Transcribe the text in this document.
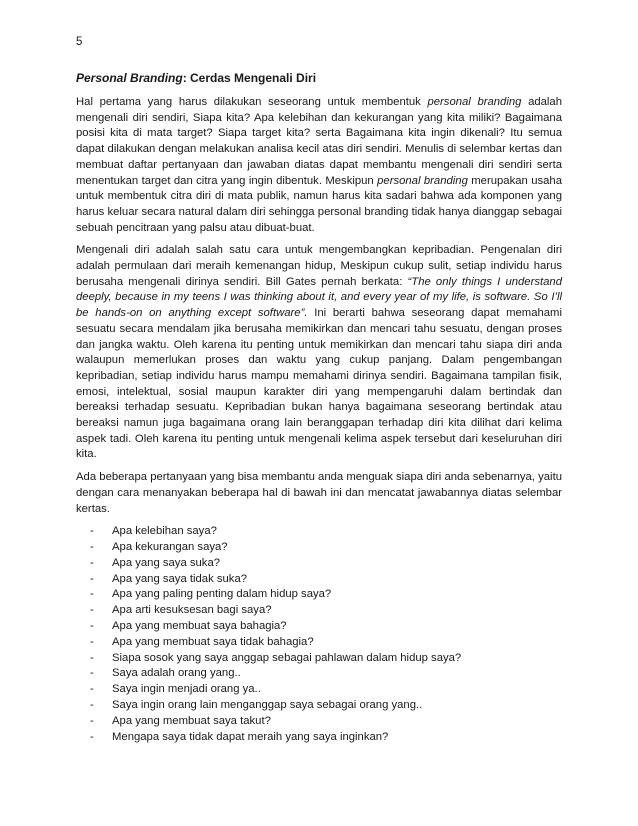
5
Personal Branding: Cerdas Mengenali Diri

Hal pertama yang harus dilakukan seseorang untuk membentuk personal branding adalah mengenali diri sendiri, Siapa kita? Apa kelebihan dan kekurangan yang kita miliki? Bagaimana posisi kita di mata target? Siapa target kita? serta Bagaimana kita ingin dikenali? Itu semua dapat dilakukan dengan melakukan analisa kecil atas diri sendiri. Menulis di selembar kertas dan membuat daftar pertanyaan dan jawaban diatas dapat membantu mengenali diri sendiri serta menentukan target dan citra yang ingin dibentuk. Meskipun personal branding merupakan usaha untuk membentuk citra diri di mata publik, namun harus kita sadari bahwa ada komponen yang harus keluar secara natural dalam diri sehingga personal branding tidak hanya dianggap sebagai sebuah pencitraan yang palsu atau dibuat-buat.

Mengenali diri adalah salah satu cara untuk mengembangkan kepribadian. Pengenalan diri adalah permulaan dari meraih kemenangan hidup, Meskipun cukup sulit, setiap individu harus berusaha mengenali dirinya sendiri. Bill Gates pernah berkata: “The only things I understand deeply, because in my teens I was thinking about it, and every year of my life, is software. So I’ll be hands-on on anything except software”. Ini berarti bahwa seseorang dapat memahami sesuatu secara mendalam jika berusaha memikirkan dan mencari tahu sesuatu, dengan proses dan jangka waktu. Oleh karena itu penting untuk memikirkan dan mencari tahu siapa diri anda walaupun memerlukan proses dan waktu yang cukup panjang. Dalam pengembangan kepribadian, setiap individu harus mampu memahami dirinya sendiri. Bagaimana tampilan fisik, emosi, intelektual, sosial maupun karakter diri yang mempengaruhi dalam bertindak dan bereaksi terhadap sesuatu. Kepribadian bukan hanya bagaimana seseorang bertindak atau bereaksi namun juga bagaimana orang lain beranggapan terhadap diri kita dilihat dari kelima aspek tadi. Oleh karena itu penting untuk mengenali kelima aspek tersebut dari keseluruhan diri kita.

Ada beberapa pertanyaan yang bisa membantu anda menguak siapa diri anda sebenarnya, yaitu dengan cara menanyakan beberapa hal di bawah ini dan mencatat jawabannya diatas selembar kertas.

-	Apa kelebihan saya?
-	Apa kekurangan saya?
-	Apa yang saya suka?
-	Apa yang saya tidak suka?
-	Apa yang paling penting dalam hidup saya?
-	Apa arti kesuksesan bagi saya?
-	Apa yang membuat saya bahagia?
-	Apa yang membuat saya tidak bahagia?
-	Siapa sosok yang saya anggap sebagai pahlawan dalam hidup saya?
-	Saya adalah orang yang..
-	Saya ingin menjadi orang ya..
-	Saya ingin orang lain menganggap saya sebagai orang yang..
-	Apa yang membuat saya takut?
-	Mengapa saya tidak dapat meraih yang saya inginkan?
